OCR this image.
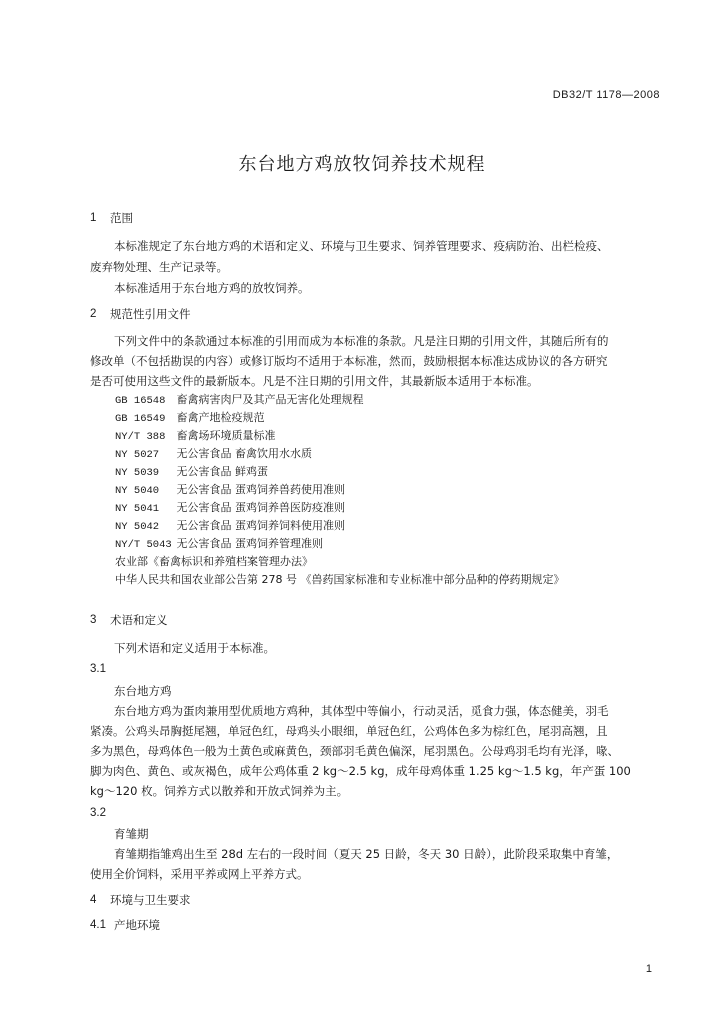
DB32/T 1178—2008
东台地方鸡放牧饲养技术规程
1 范围
本标准规定了东台地方鸡的术语和定义、环境与卫生要求、饲养管理要求、疫病防治、出栏检疫、
废弃物处理、生产记录等。
本标准适用于东台地方鸡的放牧饲养。
2 规范性引用文件
下列文件中的条款通过本标准的引用而成为本标准的条款。凡是注日期的引用文件，其随后所有的
修改单（不包括勘误的内容）或修订版均不适用于本标准，然而，鼓励根据本标准达成协议的各方研究
是否可使用这些文件的最新版本。凡是不注日期的引用文件，其最新版本适用于本标准。
GB 16548 畜禽病害肉尸及其产品无害化处理规程
GB 16549 畜禽产地检疫规范
NY/T 388 畜禽场环境质量标准
NY 5027 无公害食品 畜禽饮用水水质
NY 5039 无公害食品 鲜鸡蛋
NY 5040 无公害食品 蛋鸡饲养兽药使用准则
NY 5041 无公害食品 蛋鸡饲养兽医防疫准则
NY 5042 无公害食品 蛋鸡饲养饲料使用准则
NY/T 5043 无公害食品 蛋鸡饲养管理准则
农业部《畜禽标识和养殖档案管理办法》
中华人民共和国农业部公告第 278 号 《兽药国家标准和专业标准中部分品种的停药期规定》
3 术语和定义
下列术语和定义适用于本标准。
3.1
东台地方鸡
东台地方鸡为蛋肉兼用型优质地方鸡种，其体型中等偏小，行动灵活，觅食力强，体态健美，羽毛
紧凑。公鸡头昂胸挺尾翘，单冠色红，母鸡头小眼细，单冠色红，公鸡体色多为棕红色，尾羽高翘，且
多为黑色，母鸡体色一般为土黄色或麻黄色，颈部羽毛黄色偏深，尾羽黑色。公母鸡羽毛均有光泽，喙、
脚为肉色、黄色、或灰褐色，成年公鸡体重 2 kg～2.5 kg，成年母鸡体重 1.25 kg～1.5 kg，年产蛋 100
kg～120 枚。饲养方式以散养和开放式饲养为主。
3.2
育雏期
育雏期指雏鸡出生至 28d 左右的一段时间（夏天 25 日龄，冬天 30 日龄），此阶段采取集中育雏，
使用全价饲料，采用平养或网上平养方式。
4 环境与卫生要求
4.1 产地环境
1
